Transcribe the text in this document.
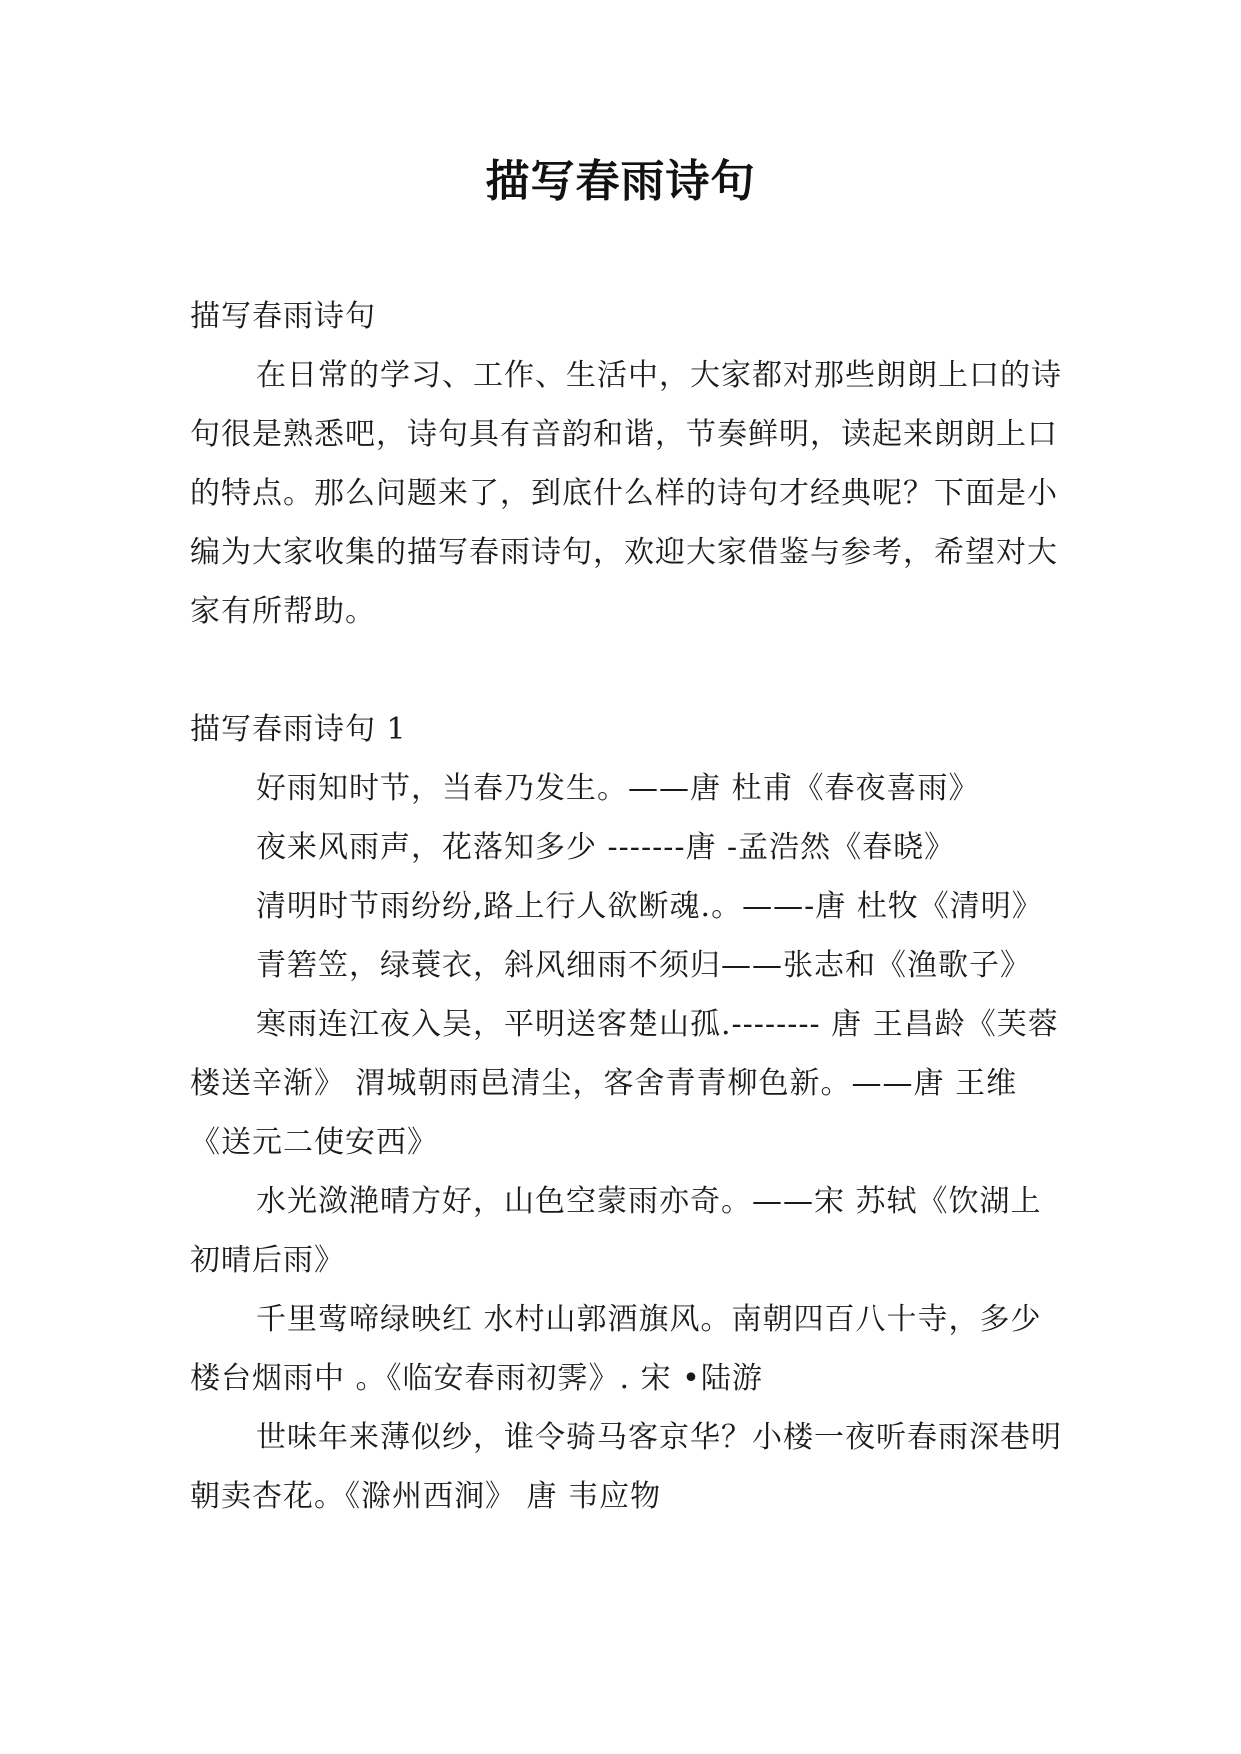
描写春雨诗句

描写春雨诗句

在日常的学习、工作、生活中，大家都对那些朗朗上口的诗句很是熟悉吧，诗句具有音韵和谐，节奏鲜明，读起来朗朗上口的特点。那么问题来了，到底什么样的诗句才经典呢？下面是小编为大家收集的描写春雨诗句，欢迎大家借鉴与参考，希望对大家有所帮助。

描写春雨诗句 1

好雨知时节，当春乃发生。——唐 杜甫《春夜喜雨》

夜来风雨声，花落知多少 -------唐 -孟浩然《春晓》

清明时节雨纷纷,路上行人欲断魂.。——-唐 杜牧《清明》

青箬笠，绿蓑衣，斜风细雨不须归——张志和《渔歌子》

寒雨连江夜入吴，平明送客楚山孤.-------- 唐 王昌龄《芙蓉楼送辛渐》 渭城朝雨邑清尘，客舍青青柳色新。——唐 王维《送元二使安西》

水光潋滟晴方好，山色空蒙雨亦奇。——宋 苏轼《饮湖上初晴后雨》

千里莺啼绿映红 水村山郭酒旗风。南朝四百八十寺，多少楼台烟雨中 。《临安春雨初霁》. 宋 •陆游

世味年来薄似纱，谁令骑马客京华？小楼一夜听春雨深巷明朝卖杏花。《滁州西涧》 唐 韦应物
